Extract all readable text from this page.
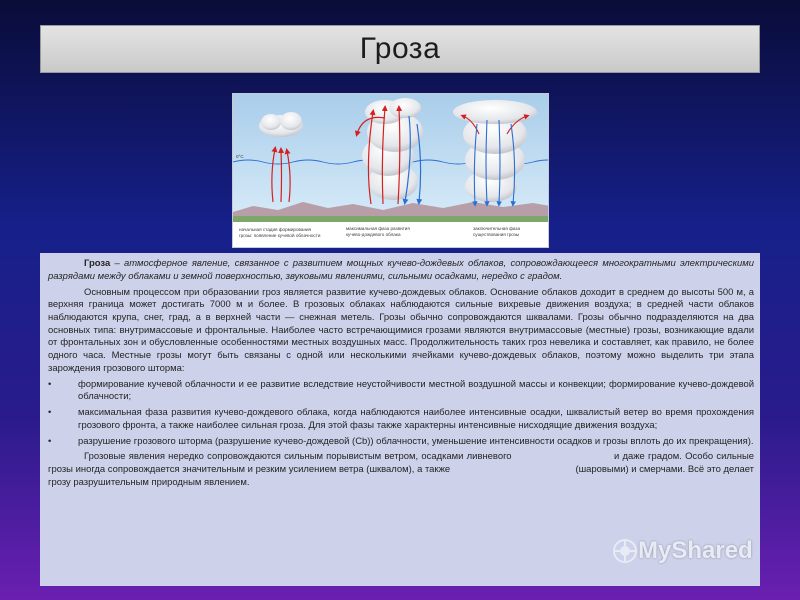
Гроза
0°С
начальная стадия формирования
грозы: появление кучевой облачности
максимальная фаза развития
кучево-дождевого облака
заключительная фаза
существования грозы

Гроза – атмосферное явление, связанное с развитием мощных кучево-дождевых облаков, сопровождающееся многократными электрическими разрядами между облаками и земной поверхностью, звуковыми явлениями, сильными осадками, нередко с градом.

Основным процессом при образовании гроз является развитие кучево-дождевых облаков. Основание облаков доходит в среднем до высоты 500 м, а верхняя граница может достигать 7000 м и более. В грозовых облаках наблюдаются сильные вихревые движения воздуха; в средней части облаков наблюдаются крупа, снег, град, а в верхней части — снежная метель. Грозы обычно сопровождаются шквалами. Грозы обычно подразделяются на два основных типа: внутримассовые и фронтальные. Наиболее часто встречающимися грозами являются внутримассовые (местные) грозы, возникающие вдали от фронтальных зон и обусловленные особенностями местных воздушных масс. Продолжительность таких гроз невелика и составляет, как правило, не более одного часа. Местные грозы могут быть связаны с одной или несколькими ячейками кучево-дождевых облаков, поэтому можно выделить три этапа зарождения грозового шторма:

•	формирование кучевой облачности и ее развитие вследствие неустойчивости местной воздушной массы и конвекции; формирование кучево-дождевой облачности;
•	максимальная фаза развития кучево-дождевого облака, когда наблюдаются наиболее интенсивные осадки, шквалистый ветер во время прохождения грозового фронта, а также наиболее сильная гроза. Для этой фазы также характерны интенсивные нисходящие движения воздуха;
•	разрушение грозового шторма (разрушение кучево-дождевой (Cb)) облачности, уменьшение интенсивности осадков и грозы вплоть до их прекращения).

Грозовые явления нередко сопровождаются сильным порывистым ветром, осадками ливневого	и даже градом. Особо сильные грозы иногда сопровождается значительным и резким усилением ветра (шквалом), а также	(шаровыми) и смерчами. Всё это делает грозу разрушительным природным явлением.

MyShared
